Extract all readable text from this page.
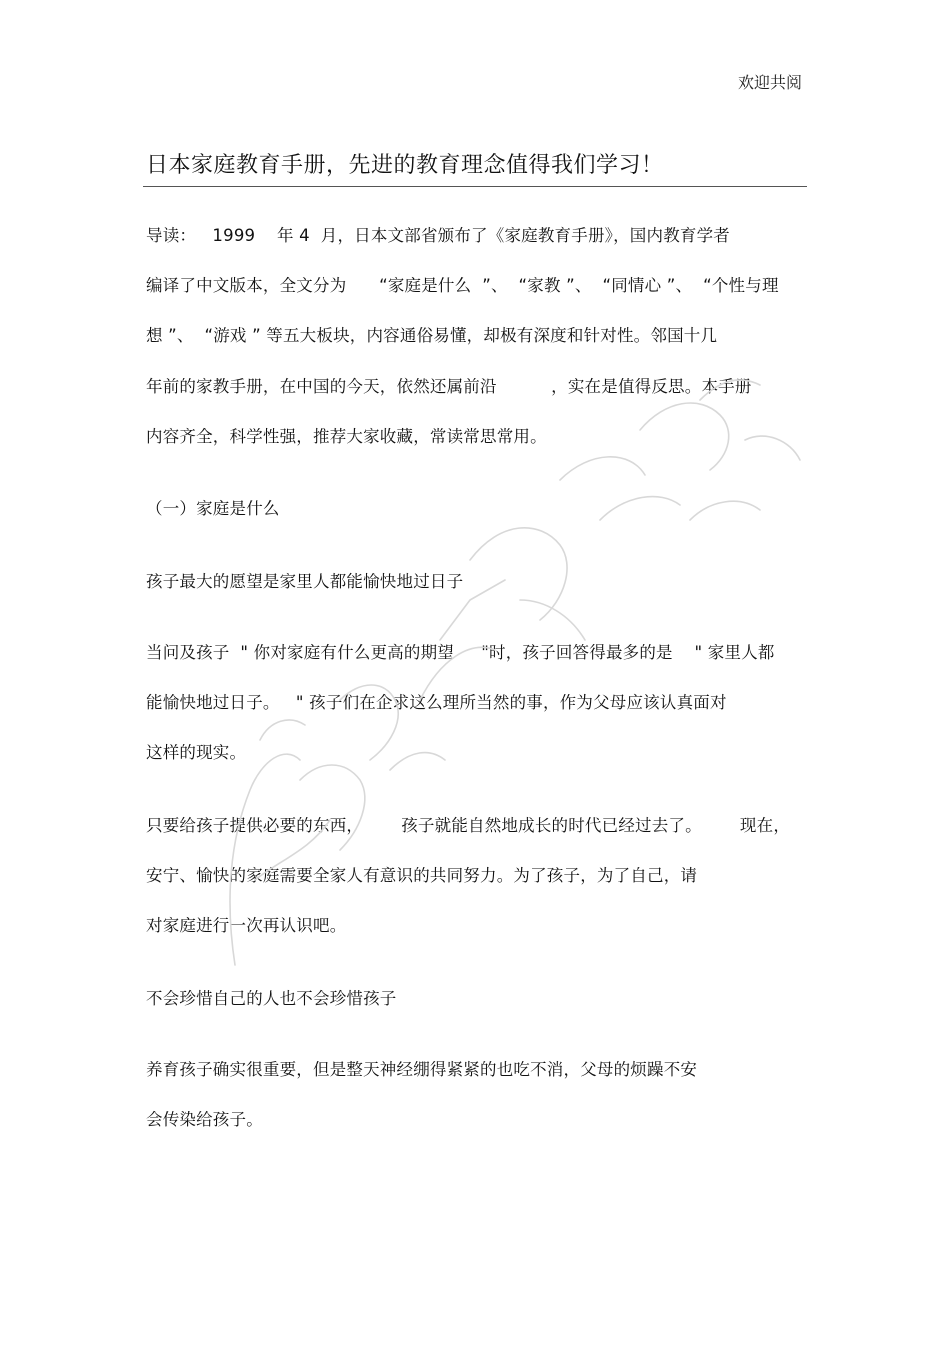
欢迎共阅
日本家庭教育手册，先进的教育理念值得我们学习！
导读：   1999    年 4  月，日本文部省颁布了《家庭教育手册》，国内教育学者
编译了中文版本，全文分为      “家庭是什么  ”、  “家教 ”、  “同情心 ”、  “个性与理
想 ”、  “游戏 ” 等五大板块，内容通俗易懂，却极有深度和针对性。邻国十几
年前的家教手册，在中国的今天，依然还属前沿          ，实在是值得反思。本手册
内容齐全，科学性强，推荐大家收藏，常读常思常用。
（一）家庭是什么
孩子最大的愿望是家里人都能愉快地过日子
当问及孩子  " 你对家庭有什么更高的期望     "时，孩子回答得最多的是    " 家里人都
能愉快地过日子。   " 孩子们在企求这么理所当然的事，作为父母应该认真面对
这样的现实。
只要给孩子提供必要的东西，       孩子就能自然地成长的时代已经过去了。       现在，
安宁、愉快的家庭需要全家人有意识的共同努力。为了孩子，为了自己，请
对家庭进行一次再认识吧。
不会珍惜自己的人也不会珍惜孩子
养育孩子确实很重要，但是整天神经绷得紧紧的也吃不消，父母的烦躁不安
会传染给孩子。
